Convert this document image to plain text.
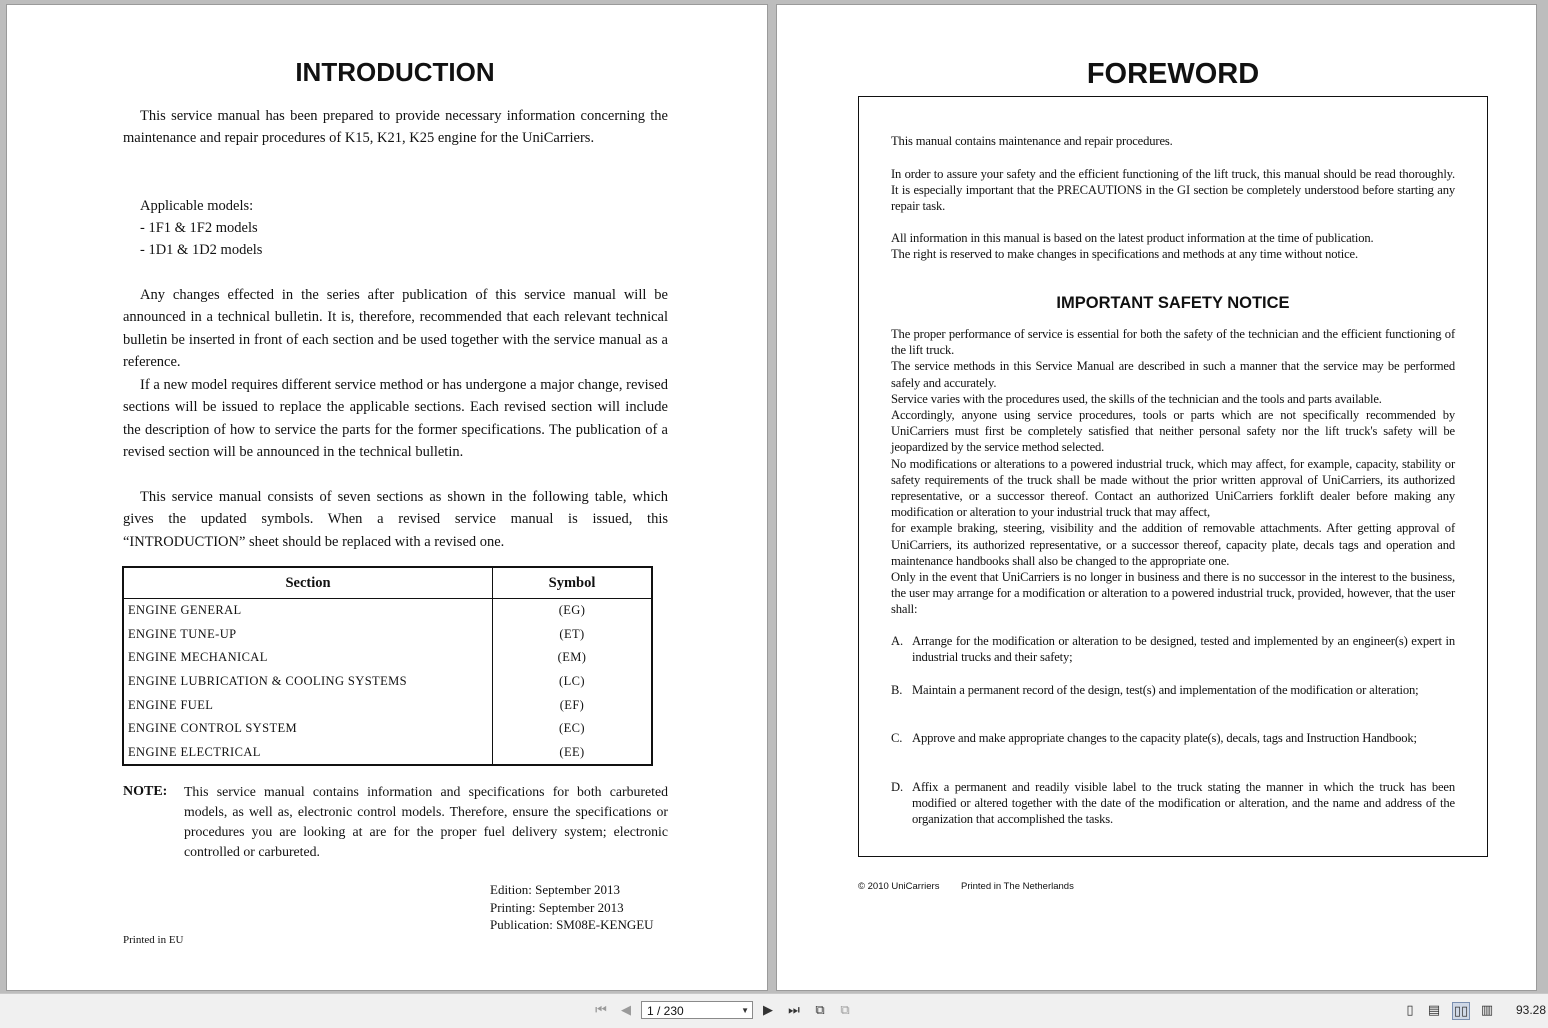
INTRODUCTION

This service manual has been prepared to provide necessary information concerning the maintenance and repair procedures of K15, K21, K25 engine for the UniCarriers.

Applicable models:
- 1F1 & 1F2 models
- 1D1 & 1D2 models

Any changes effected in the series after publication of this service manual will be announced in a technical bulletin. It is, therefore, recommended that each relevant technical bulletin be inserted in front of each section and be used together with the service manual as a reference.

If a new model requires different service method or has undergone a major change, revised sections will be issued to replace the applicable sections. Each revised section will include the description of how to service the parts for the former specifications. The publication of a revised section will be announced in the technical bulletin.

This service manual consists of seven sections as shown in the following table, which gives the updated symbols. When a revised service manual is issued, this “INTRODUCTION” sheet should be replaced with a revised one.

Section	Symbol
ENGINE GENERAL	(EG)
ENGINE TUNE-UP	(ET)
ENGINE MECHANICAL	(EM)
ENGINE LUBRICATION & COOLING SYSTEMS	(LC)
ENGINE FUEL	(EF)
ENGINE CONTROL SYSTEM	(EC)
ENGINE ELECTRICAL	(EE)
NOTE: This service manual contains information and specifications for both carbureted models, as well as, electronic control models. Therefore, ensure the specifications or procedures you are looking at are for the proper fuel delivery system; electronic controlled or carbureted.

Edition: September 2013
Printing: September 2013
Publication: SM08E-KENGEU
Printed in EU
FOREWORD

This manual contains maintenance and repair procedures.

In order to assure your safety and the efficient functioning of the lift truck, this manual should be read thoroughly. It is especially important that the PRECAUTIONS in the GI section be completely understood before starting any repair task.

All information in this manual is based on the latest product information at the time of publication.

The right is reserved to make changes in specifications and methods at any time without notice.

IMPORTANT SAFETY NOTICE
The proper performance of service is essential for both the safety of the technician and the efficient functioning of the lift truck.
The service methods in this Service Manual are described in such a manner that the service may be performed safely and accurately.
Service varies with the procedures used, the skills of the technician and the tools and parts available.
Accordingly, anyone using service procedures, tools or parts which are not specifically recommended by UniCarriers must first be completely satisfied that neither personal safety nor the lift truck's safety will be jeopardized by the service method selected.
No modifications or alterations to a powered industrial truck, which may affect, for example, capacity, stability or safety requirements of the truck shall be made without the prior written approval of UniCarriers, its authorized representative, or a successor thereof. Contact an authorized UniCarriers forklift dealer before making any modification or alteration to your industrial truck that may affect,
for example braking, steering, visibility and the addition of removable attachments. After getting approval of UniCarriers, its authorized representative, or a successor thereof, capacity plate, decals tags and operation and maintenance handbooks shall also be changed to the appropriate one.
Only in the event that UniCarriers is no longer in business and there is no successor in the interest to the business, the user may arrange for a modification or alteration to a powered industrial truck, provided, however, that the user shall:
A. Arrange for the modification or alteration to be designed, tested and implemented by an engineer(s) expert in industrial trucks and their safety;
B. Maintain a permanent record of the design, test(s) and implementation of the modification or alteration;
C. Approve and make appropriate changes to the capacity plate(s), decals, tags and Instruction Handbook;
D. Affix a permanent and readily visible label to the truck stating the manner in which the truck has been modified or altered together with the date of the modification or alteration, and the name and address of the organization that accomplished the tasks.
© 2010 UniCarriers Printed in The Netherlands
⏮	◀	1 / 230	▼	▶	⏭	⧉	⧉	▯	▤ ▯▯ ▥ 93.28
